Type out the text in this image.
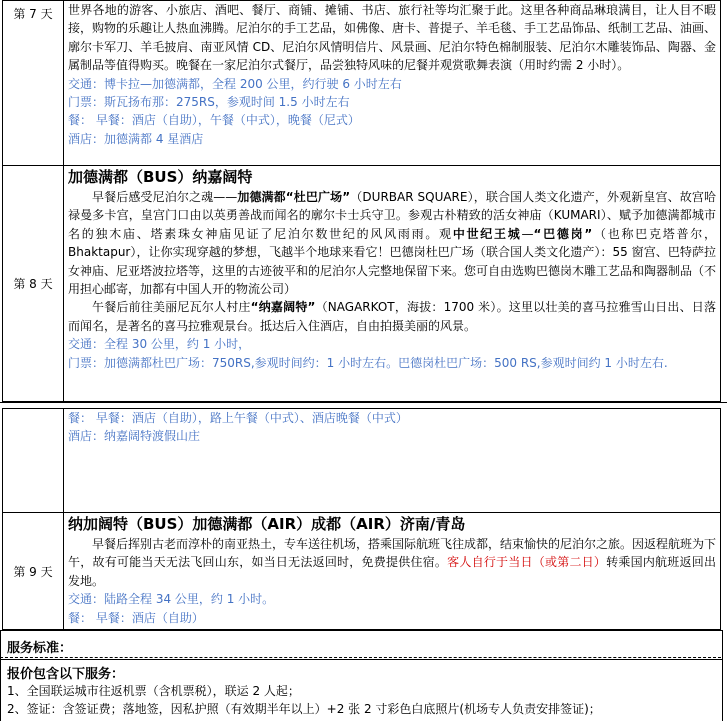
第 7 天	世界各地的游客、小旅店、酒吧、餐厅、商铺、摊铺、书店、旅行社等均汇聚于此。这里各种商品琳琅满目，让人目不暇接，购物的乐趣让人热血沸腾。尼泊尔的手工艺品，如佛像、唐卡、普提子、羊毛毯、手工艺品饰品、纸制工艺品、油画、廓尔卡军刀、羊毛披肩、南亚风情 CD、尼泊尔风情明信片、风景画、尼泊尔特色棉制服装、尼泊尔木雕装饰品、陶器、金属制品等值得购买。晚餐在一家尼泊尔式餐厅，品尝独特风味的尼餐并观赏歌舞表演（用时约需 2 小时）。

交通：博卡拉—加德满都，全程 200 公里，约行驶 6 小时左右

门票：斯瓦扬布那：275RS，参观时间 1.5 小时左右

餐： 早餐：酒店（自助），午餐（中式），晚餐（尼式）

酒店：加德满都 4 星酒店

第 8 天	加德满都（BUS）纳嘉阔特

早餐后感受尼泊尔之魂——加德满都“杜巴广场”（DURBAR SQUARE），联合国人类文化遗产，外观新皇宫、故宫哈禄曼多卡宫，皇宫门口由以英勇善战而闻名的廓尔卡士兵守卫。参观古朴精致的活女神庙（KUMARI）、赋予加德满都城市名的独木庙、塔素珠女神庙见证了尼泊尔数世纪的风风雨雨。观中世纪王城—“巴德岗”（也称巴克塔普尔，Bhaktapur），让你实现穿越的梦想，飞越半个地球来看它！巴德岗杜巴广场（联合国人类文化遗产）：55 窗宫、巴特萨拉女神庙、尼亚塔波拉塔等，这里的古迹彼平和的尼泊尔人完整地保留下来。您可自由选购巴德岗木雕工艺品和陶器制品（不用担心邮寄，加都有中国人开的物流公司）

午餐后前往美丽尼瓦尔人村庄“纳嘉阔特”（NAGARKOT，海拔：1700 米）。这里以壮美的喜马拉雅雪山日出、日落而闻名，是著名的喜马拉雅观景台。抵达后入住酒店，自由拍摄美丽的风景。

交通：全程 30 公里，约 1 小时，

门票：加德满都杜巴广场：750RS,参观时间约：1 小时左右。巴德岗杜巴广场：500 RS,参观时间约 1 小时左右.

	餐： 早餐：酒店（自助），路上午餐（中式）、酒店晚餐（中式）

酒店：纳嘉阔特渡假山庄

第 9 天	纳加阔特（BUS）加德满都（AIR）成都（AIR）济南/青岛

早餐后挥别古老而淳朴的南亚热土，专车送往机场，搭乘国际航班飞往成都，结束愉快的尼泊尔之旅。因返程航班为下午，故有可能当天无法飞回山东，如当日无法返回时，免费提供住宿。客人自行于当日（或第二日）转乘国内航班返回出发地。

交通：陆路全程 34 公里，约 1 小时。

餐： 早餐：酒店（自助）

服务标准：

报价包含以下服务：

1、全国联运城市往返机票（含机票税），联运 2 人起；

2、签证：含签证费；落地签，因私护照（有效期半年以上）+2 张 2 寸彩色白底照片(机场专人负责安排签证)；
